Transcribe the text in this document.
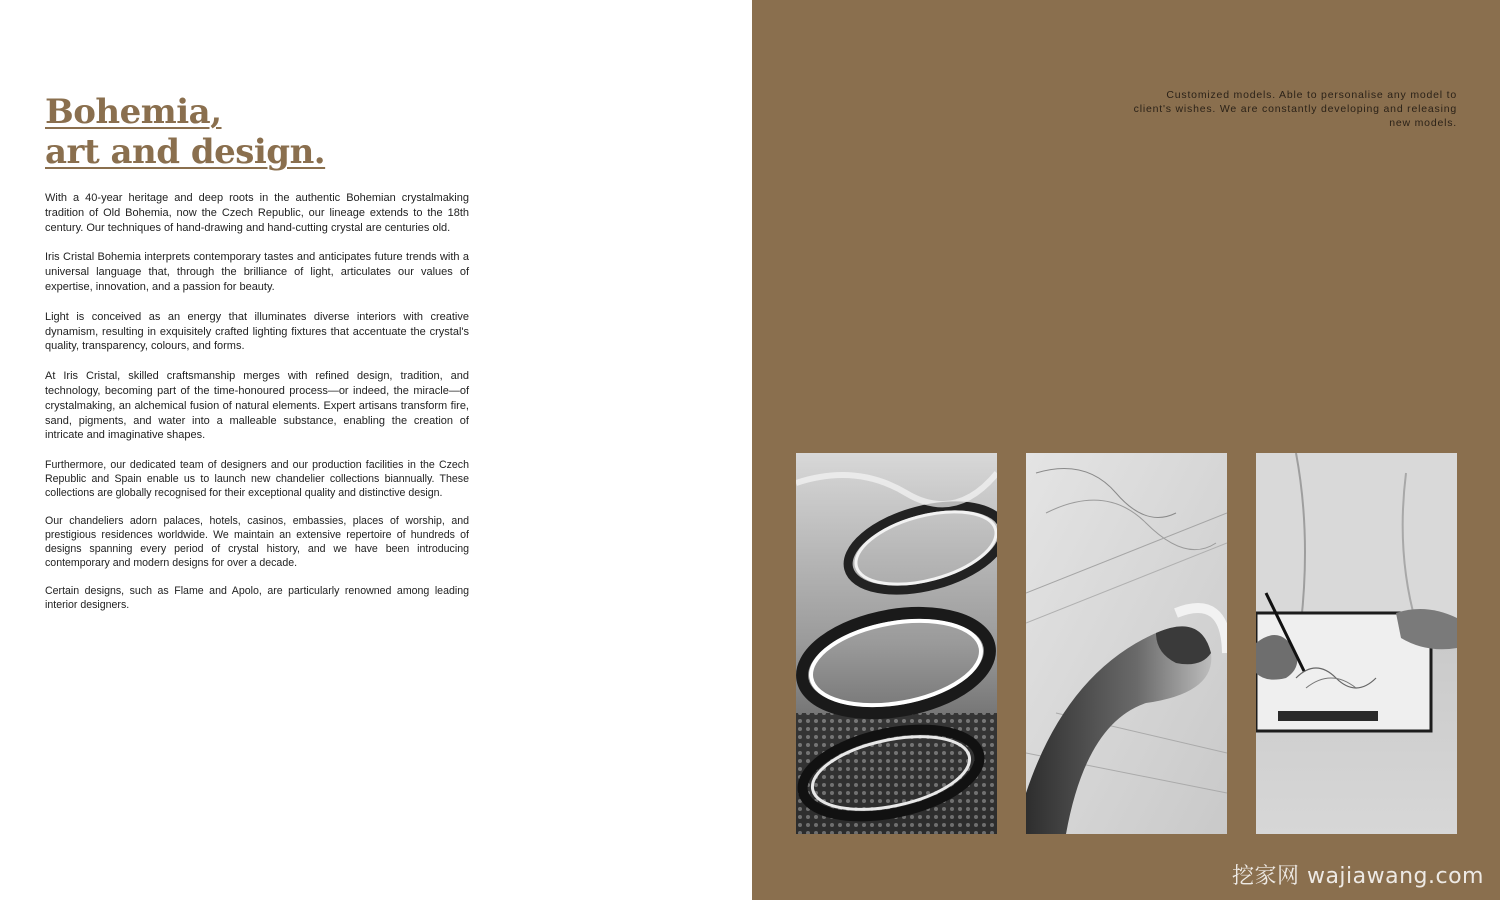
Bohemia,
art and design.

With a 40-year heritage and deep roots in the authentic Bohemian crystalmaking tradition of Old Bohemia, now the Czech Republic, our lineage extends to the 18th century. Our techniques of hand-drawing and hand-cutting crystal are centuries old.

Iris Cristal Bohemia interprets contemporary tastes and anticipates future trends with a universal language that, through the brilliance of light, articulates our values of expertise, innovation, and a passion for beauty.

Light is conceived as an energy that illuminates diverse interiors with creative dynamism, resulting in exquisitely crafted lighting fixtures that accentuate the crystal's quality, transparency, colours, and forms.

At Iris Cristal, skilled craftsmanship merges with refined design, tradition, and technology, becoming part of the time-honoured process—or indeed, the miracle—of crystalmaking, an alchemical fusion of natural elements. Expert artisans transform fire, sand, pigments, and water into a malleable substance, enabling the creation of intricate and imaginative shapes.

Furthermore, our dedicated team of designers and our production facilities in the Czech Republic and Spain enable us to launch new chandelier collections biannually. These collections are globally recognised for their exceptional quality and distinctive design.

Our chandeliers adorn palaces, hotels, casinos, embassies, places of worship, and prestigious residences worldwide. We maintain an extensive repertoire of hundreds of designs spanning every period of crystal history, and we have been introducing contemporary and modern designs for over a decade.

Certain designs, such as Flame and Apolo, are particularly renowned among leading interior designers.

Customized models. Able to personalise any model to client's wishes. We are constantly developing and releasing new models.

挖家网 wajiawang.com
